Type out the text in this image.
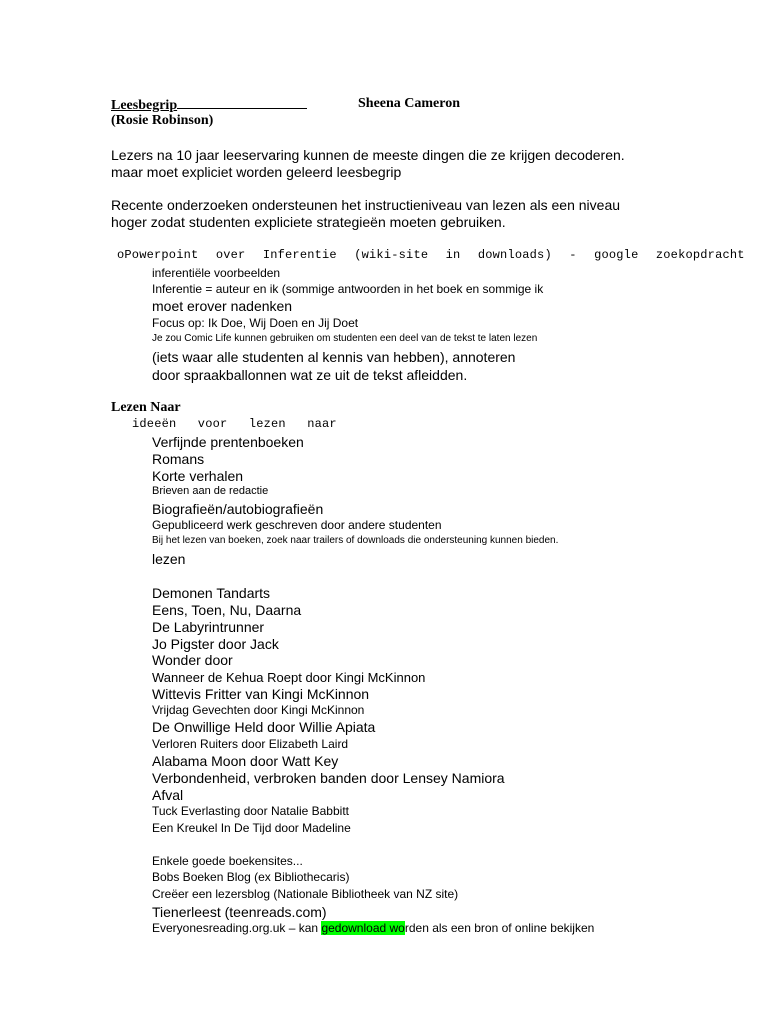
Leesbegrip	Sheena Cameron
(Rosie Robinson)
Lezers na 10 jaar leeservaring kunnen de meeste dingen die ze krijgen decoderen.
maar moet expliciet worden geleerd leesbegrip
Recente onderzoeken ondersteunen het instructieniveau van lezen als een niveau
hoger zodat studenten expliciete strategieën moeten gebruiken.
oPowerpoint over Inferentie (wiki-site in downloads) - google zoekopdracht
inferentiële voorbeelden
Inferentie = auteur en ik (sommige antwoorden in het boek en sommige ik
moet erover nadenken
Focus op: Ik Doe, Wij Doen en Jij Doet
Je zou Comic Life kunnen gebruiken om studenten een deel van de tekst te laten lezen
(iets waar alle studenten al kennis van hebben), annoteren
door spraakballonnen wat ze uit de tekst afleidden.
Lezen Naar
ideeën voor lezen naar
Verfijnde prentenboeken
Romans
Korte verhalen
Brieven aan de redactie
Biografieën/autobiografieën
Gepubliceerd werk geschreven door andere studenten
Bij het lezen van boeken, zoek naar trailers of downloads die ondersteuning kunnen bieden.
lezen
Demonen Tandarts
Eens, Toen, Nu, Daarna
De Labyrintrunner
Jo Pigster door Jack
Wonder door
Wanneer de Kehua Roept door Kingi McKinnon
Wittevis Fritter van Kingi McKinnon
Vrijdag Gevechten door Kingi McKinnon
De Onwillige Held door Willie Apiata
Verloren Ruiters door Elizabeth Laird
Alabama Moon door Watt Key
Verbondenheid, verbroken banden door Lensey Namiora
Afval
Tuck Everlasting door Natalie Babbitt
Een Kreukel In De Tijd door Madeline
Enkele goede boekensites...
Bobs Boeken Blog (ex Bibliothecaris)
Creëer een lezersblog (Nationale Bibliotheek van NZ site)
Tienerleest (teenreads.com)
Everyonesreading.org.uk – kan gedownload worden als een bron of online bekijken
